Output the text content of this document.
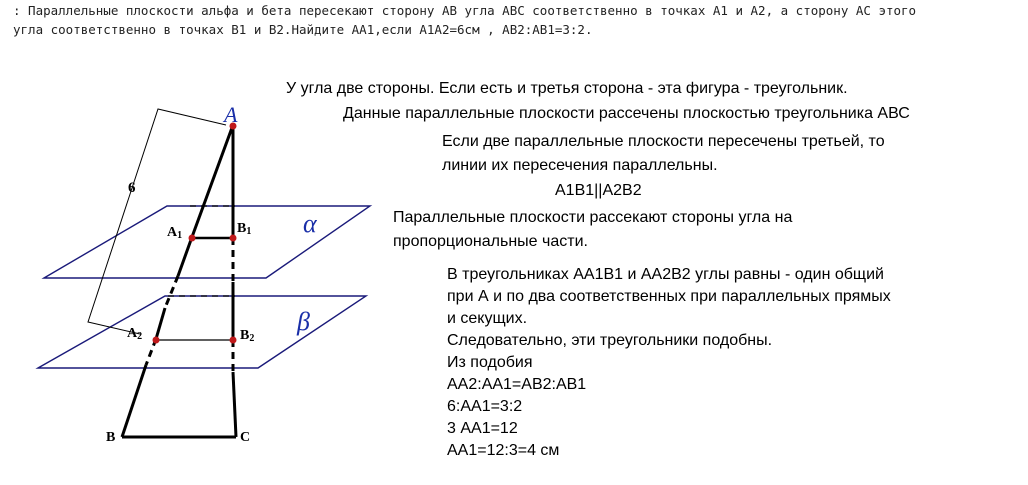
: Параллельные плоскости альфа и бета пересекают сторону АВ угла АВС соответственно в точках А1 и А2, а сторону АС этого
угла соответственно в точках В1 и В2.Найдите АА1,если А1А2=6см , АВ2:АВ1=3:2.

A
A1	B1
A2	B2
B	C
6
α
β

У угла две стороны. Если есть и третья сторона - эта фигура - треугольник.

Данные параллельные плоскости рассечены плоскостью треугольника АВС

Если две параллельные плоскости пересечены третьей, то

линии их пересечения параллельны.

А1В1||А2В2

Параллельные плоскости рассекают стороны угла на

пропорциональные части.

В треугольниках АА1В1 и АА2В2 углы равны - один общий
при А и по два соответственных при параллельных прямых
и секущих.
Следовательно, эти треугольники подобны.
Из подобия
АА2:АА1=АВ2:АВ1
6:АА1=3:2
3 АА1=12
АА1=12:3=4 см
